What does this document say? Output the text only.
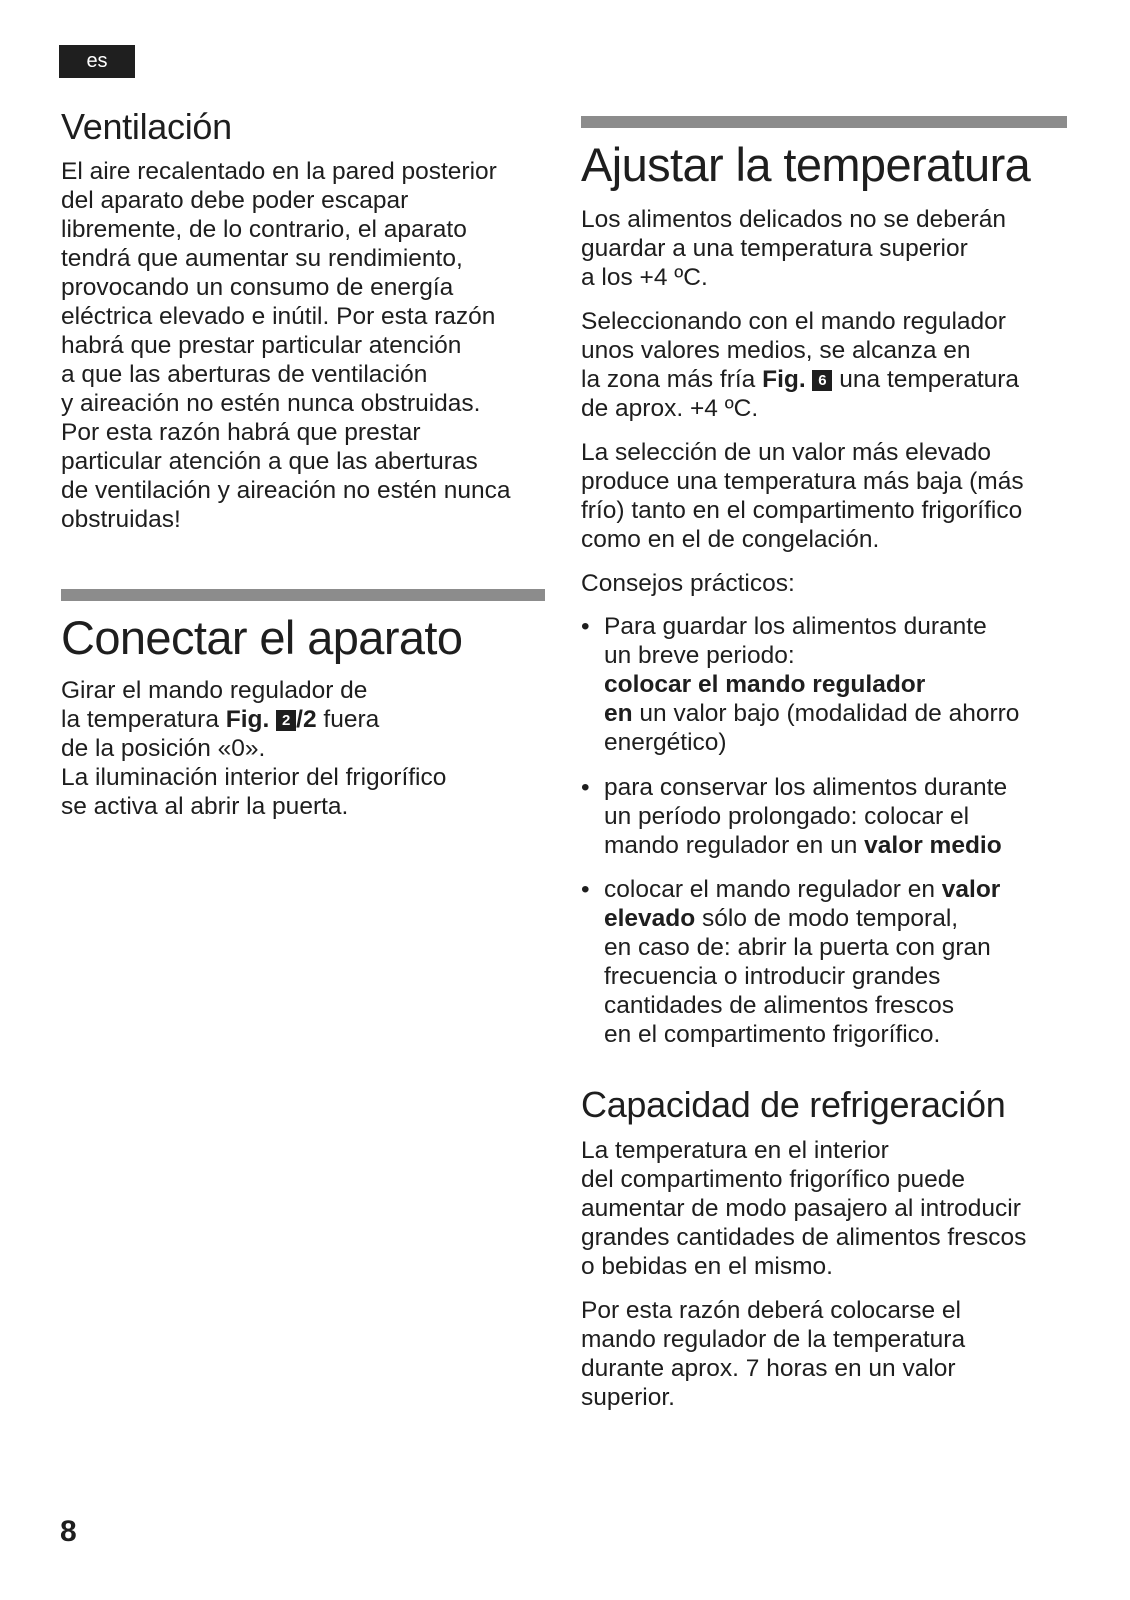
es
Ventilación
El aire recalentado en la pared posterior
del aparato debe poder escapar
libremente, de lo contrario, el aparato
tendrá que aumentar su rendimiento,
provocando un consumo de energía
eléctrica elevado e inútil. Por esta razón
habrá que prestar particular atención
a que las aberturas de ventilación
y aireación no estén nunca obstruidas.
Por esta razón habrá que prestar
particular atención a que las aberturas
de ventilación y aireación no estén nunca
obstruidas!
Conectar el aparato
Girar el mando regulador de
la temperatura Fig. 2 /2 fuera
de la posición «0».
La iluminación interior del frigorífico
se activa al abrir la puerta.
Ajustar la temperatura
Los alimentos delicados no se deberán
guardar a una temperatura superior
a los +4 ºC.
Seleccionando con el mando regulador
unos valores medios, se alcanza en
la zona más fría Fig. 6 una temperatura
de aprox. +4 ºC.
La selección de un valor más elevado
produce una temperatura más baja (más
frío) tanto en el compartimento frigorífico
como en el de congelación.
Consejos prácticos:
• Para guardar los alimentos durante
un breve periodo:
colocar el mando regulador
en un valor bajo (modalidad de ahorro
energético)
• para conservar los alimentos durante
un período prolongado: colocar el
mando regulador en un valor medio
• colocar el mando regulador en valor
elevado sólo de modo temporal,
en caso de: abrir la puerta con gran
frecuencia o introducir grandes
cantidades de alimentos frescos
en el compartimento frigorífico.
Capacidad de refrigeración
La temperatura en el interior
del compartimento frigorífico puede
aumentar de modo pasajero al introducir
grandes cantidades de alimentos frescos
o bebidas en el mismo.
Por esta razón deberá colocarse el
mando regulador de la temperatura
durante aprox. 7 horas en un valor
superior.
8
